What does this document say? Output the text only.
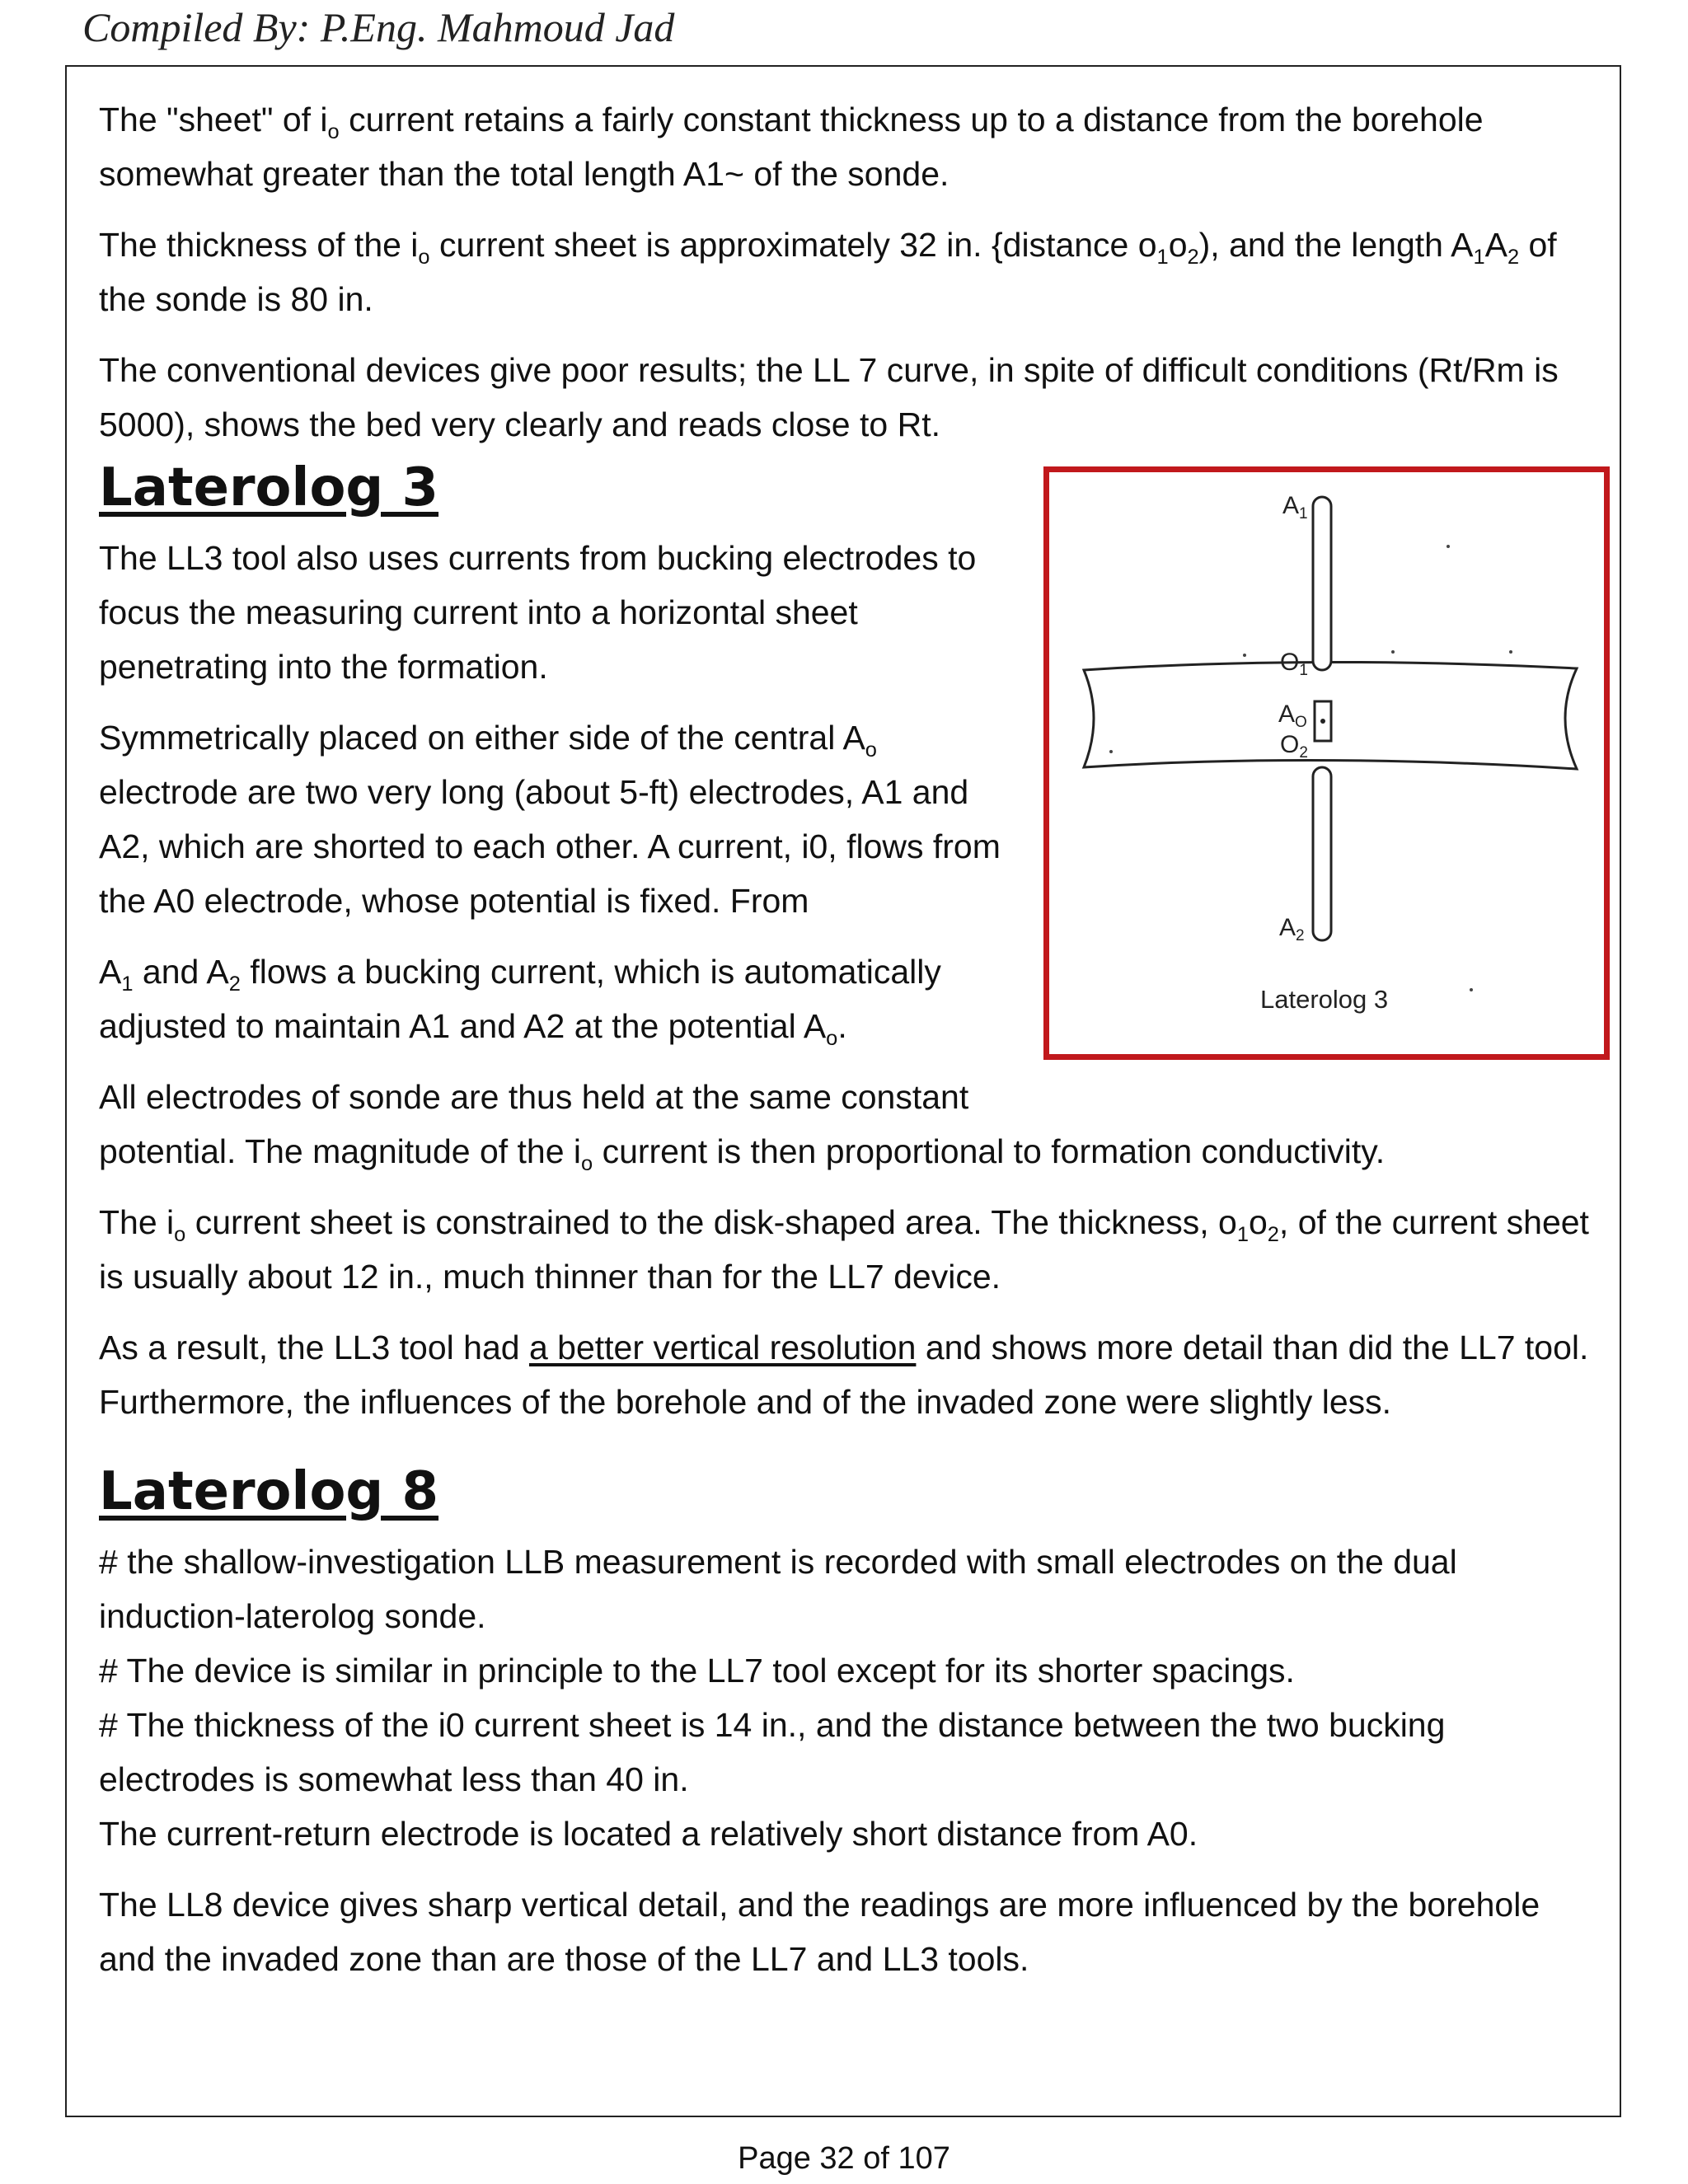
Compiled By: P.Eng. Mahmoud Jad

The "sheet" of $i_o$ current retains a fairly constant thickness up to a distance from the borehole somewhat greater than the total length A1~ of the sonde.

The thickness of the $i_o$ current sheet is approximately 32 in. {distance $o_1o_2$), and the length $A_1A_2$ of the sonde is 80 in.

The conventional devices give poor results; the LL 7 curve, in spite of difficult conditions (Rt/Rm is 5000), shows the bed very clearly and reads close to Rt.

$A_1$
$O_1$
$A_O$
$O_2$
$A_2$
Laterolog 3
Laterolog 3

The LL3 tool also uses currents from bucking electrodes to focus the measuring current into a horizontal sheet penetrating into the formation.

Symmetrically placed on either side of the central $A_o$ electrode are two very long (about 5-ft) electrodes, A1 and A2, which are shorted to each other. A current, i0, flows from the A0 electrode, whose potential is fixed. From

$A_1$ and $A_2$ flows a bucking current, which is automatically adjusted to maintain A1 and A2 at the potential $A_o$.

All electrodes of sonde are thus held at the same constant potential. The magnitude of the $i_o$ current is then proportional to formation conductivity.

The $i_o$ current sheet is constrained to the disk-shaped area. The thickness, $o_1o_2$, of the current sheet is usually about 12 in., much thinner than for the LL7 device.

As a result, the LL3 tool had a better vertical resolution and shows more detail than did the LL7 tool. Furthermore, the influences of the borehole and of the invaded zone were slightly less.

Laterolog 8

# the shallow-investigation LLB measurement is recorded with small electrodes on the dual induction-laterolog sonde.

# The device is similar in principle to the LL7 tool except for its shorter spacings.

# The thickness of the i0 current sheet is 14 in., and the distance between the two bucking electrodes is somewhat less than 40 in.

The current-return electrode is located a relatively short distance from A0.

The LL8 device gives sharp vertical detail, and the readings are more influenced by the borehole and the invaded zone than are those of the LL7 and LL3 tools.

Page 32 of 107
